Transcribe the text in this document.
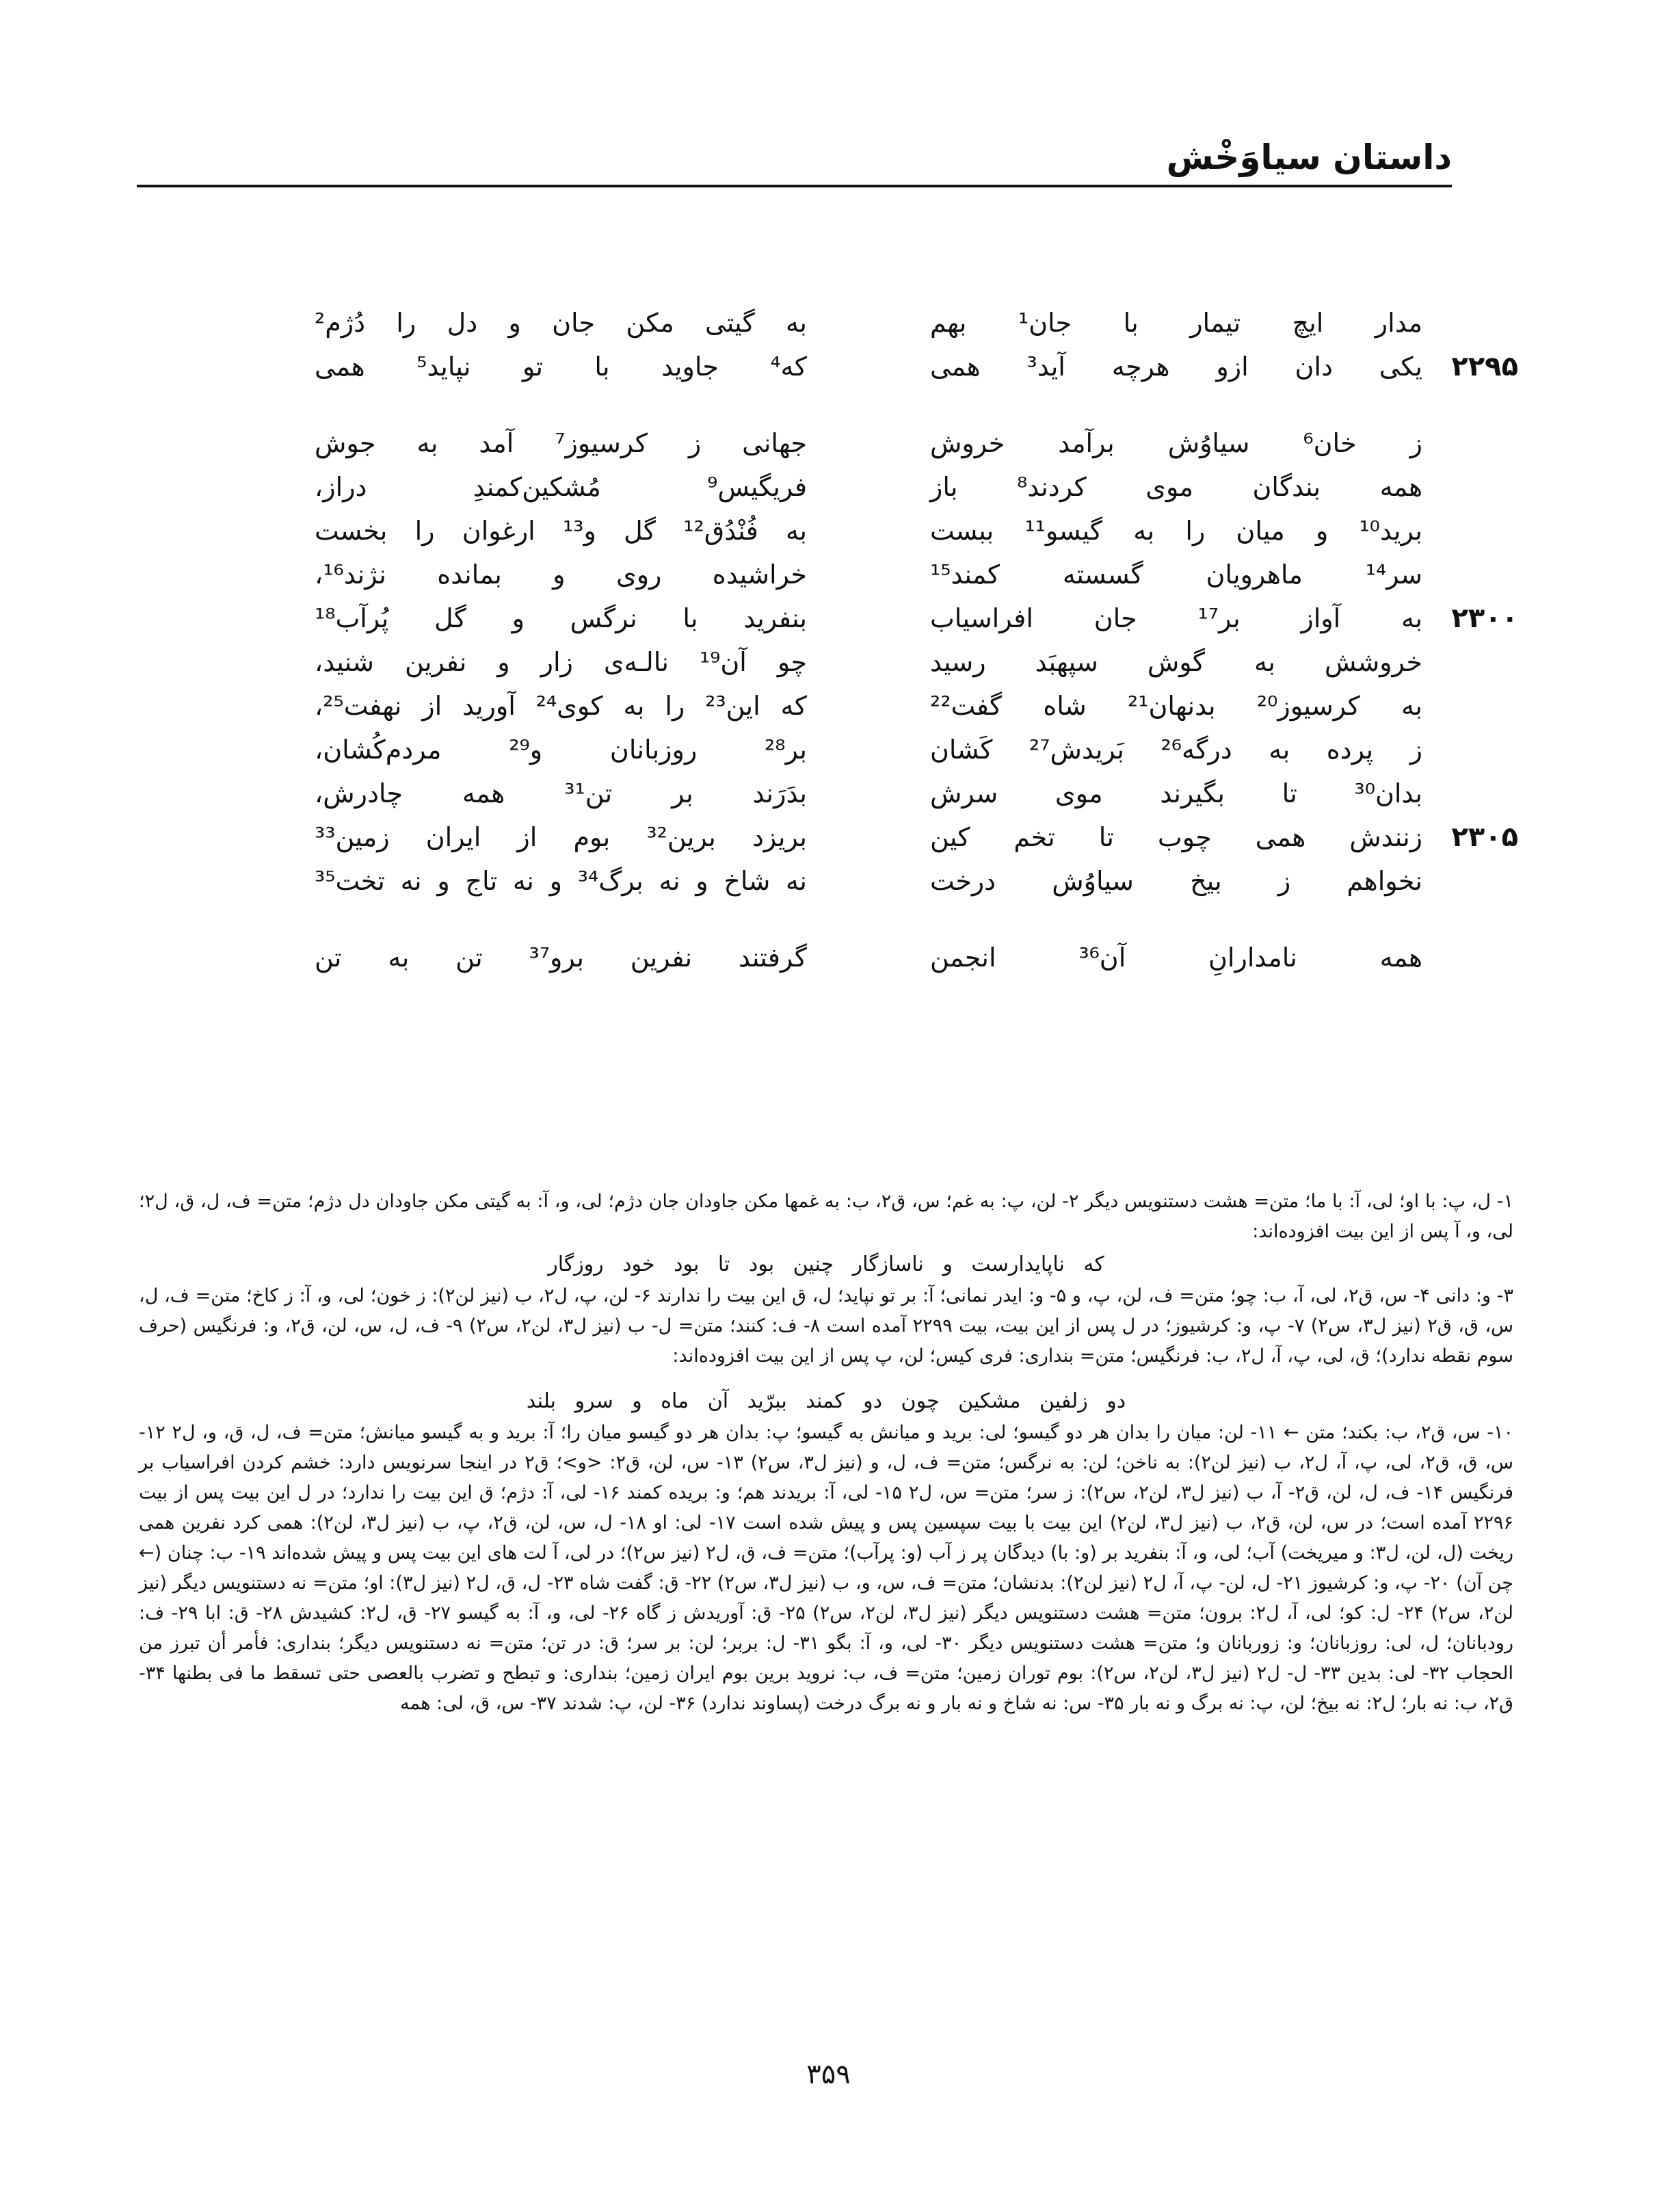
داستان سیاوَخْش
مدار ایچ تیمار با جان¹ بهم
به گیتی مکن جان و دل را دُژم²
۲۲۹۵
یکی دان ازو هرچه آید³ همی
که⁴ جاوید با تو نپاید⁵ همی
ز خان⁶ سیاوُش برآمد خروش
جهانی ز کرسیوز⁷ آمد به جوش
همه بندگان موی کردند⁸ باز
فریگیس⁹ مُشکین‌کمندِ دراز،
برید¹⁰ و میان را به گیسو¹¹ ببست
به فُنْدُق¹² گل و¹³ ارغوان را بخست
سر¹⁴ ماهرویان گسسته کمند¹⁵
خراشیده روی و بمانده نژند¹⁶،
۲۳۰۰
به آواز بر¹⁷ جان افراسیاب
بنفرید با نرگس و گل پُرآب¹⁸
خروشش به گوش سپهبَد رسید
چو آن¹⁹ نالـه‌ی زار و نفرین شنید،
به کرسیوز²⁰ بدنهان²¹ شاه گفت²²
که این²³ را به کوی²⁴ آورید از نهفت²⁵،
ز پرده به درگه²⁶ بَریدش²⁷ کَشان
بر²⁸ روزبانان و²⁹ مردم‌کُشان،
بدان³⁰ تا بگیرند موی سرش
بدَرَند بر تن³¹ همه چادرش،
۲۳۰۵
زنندش همی چوب تا تخم کین
بریزد برین³² بوم از ایران زمین³³
نخواهم ز بیخ سیاوُش درخت
نه شاخ و نه برگ³⁴ و نه تاج و نه تخت³⁵
همه نامدارانِ آن³⁶ انجمن
گرفتند نفرین برو³⁷ تن به تن

۱- ل، پ: با او؛ لی، آ: با ما؛ متن= هشت دستنویس دیگر ۲- لن، پ: به غم؛ س، ق۲، ب: به غمها مکن جاودان جان دژم؛ لی، و، آ: به گیتی مکن جاودان دل دژم؛ متن= ف، ل، ق، ل۲؛ لی، و، آ پس از این بیت افزوده‌اند:

که ناپایدارست و ناسازگار چنین بود تا بود خود روزگار

۳- و: دانی ۴- س، ق۲، لی، آ، ب: چو؛ متن= ف، لن، پ، و ۵- و: ایدر نمانی؛ آ: بر تو نپاید؛ ل، ق این بیت را ندارند ۶- لن، پ، ل۲، ب (نیز لن۲): ز خون؛ لی، و، آ: ز کاخ؛ متن= ف، ل، س، ق، ق۲ (نیز ل۳، س۲) ۷- پ، و: کرشیوز؛ در ل پس از این بیت، بیت ۲۲۹۹ آمده است ۸- ف: کنند؛ متن= ل- ب (نیز ل۳، لن۲، س۲) ۹- ف، ل، س، لن، ق۲، و: فرنگیس (حرف سوم نقطه ندارد)؛ ق، لی، پ، آ، ل۲، ب: فرنگیس؛ متن= بنداری: فری کیس؛ لن، پ پس از این بیت افزوده‌اند:

دو زلفین مشکین چون دو کمند ببرّید آن ماه و سرو بلند

۱۰- س، ق۲، ب: بکند؛ متن ← ۱۱- لن: میان را بدان هر دو گیسو؛ لی: برید و میانش به گیسو؛ پ: بدان هر دو گیسو میان را؛ آ: برید و به گیسو میانش؛ متن= ف، ل، ق، و، ل۲ ۱۲- س، ق، ق۲، لی، پ، آ، ل۲، ب (نیز لن۲): به ناخن؛ لن: به نرگس؛ متن= ف، ل، و (نیز ل۳، س۲) ۱۳- س، لن، ق۲: <و>؛ ق۲ در اینجا سرنویس دارد: خشم کردن افراسیاب بر فرنگیس ۱۴- ف، ل، لن، ق۲- آ، ب (نیز ل۳، لن۲، س۲): ز سر؛ متن= س، ل۲ ۱۵- لی، آ: بریدند هم؛ و: بریده کمند ۱۶- لی، آ: دژم؛ ق این بیت را ندارد؛ در ل این بیت پس از بیت ۲۲۹۶ آمده است؛ در س، لن، ق۲، ب (نیز ل۳، لن۲) این بیت با بیت سپسین پس و پیش شده است ۱۷- لی: او ۱۸- ل، س، لن، ق۲، پ، ب (نیز ل۳، لن۲): همی کرد نفرین همی ریخت (ل، لن، ل۳: و میریخت) آب؛ لی، و، آ: بنفرید بر (و: با) دیدگان پر ز آب (و: پرآب)؛ متن= ف، ق، ل۲ (نیز س۲)؛ در لی، آ لت های این بیت پس و پیش شده‌اند ۱۹- ب: چنان (← چن آن) ۲۰- پ، و: کرشیوز ۲۱- ل، لن- پ، آ، ل۲ (نیز لن۲): بدنشان؛ متن= ف، س، و، ب (نیز ل۳، س۲) ۲۲- ق: گفت شاه ۲۳- ل، ق، ل۲ (نیز ل۳): او؛ متن= نه دستنویس دیگر (نیز لن۲، س۲) ۲۴- ل: کو؛ لی، آ، ل۲: برون؛ متن= هشت دستنویس دیگر (نیز ل۳، لن۲، س۲) ۲۵- ق: آوریدش ز گاه ۲۶- لی، و، آ: به گیسو ۲۷- ق، ل۲: کشیدش ۲۸- ق: ابا ۲۹- ف: رودبانان؛ ل، لی: روزبانان؛ و: زوربانان و؛ متن= هشت دستنویس دیگر ۳۰- لی، و، آ: بگو ۳۱- ل: بربر؛ لن: بر سر؛ ق: در تن؛ متن= نه دستنویس دیگر؛ بنداری: فأمر أن تبرز من الحجاب ۳۲- لی: بدین ۳۳- ل- ل۲ (نیز ل۳، لن۲، س۲): بوم توران زمین؛ متن= ف، ب: نروید برین بوم ایران زمین؛ بنداری: و تبطح و تضرب بالعصی حتی تسقط ما فی بطنها ۳۴- ق۲، ب: نه بار؛ ل۲: نه بیخ؛ لن، پ: نه برگ و نه بار ۳۵- س: نه شاخ و نه بار و نه برگ درخت (پساوند ندارد) ۳۶- لن، پ: شدند ۳۷- س، ق، لی: همه

۳۵۹
